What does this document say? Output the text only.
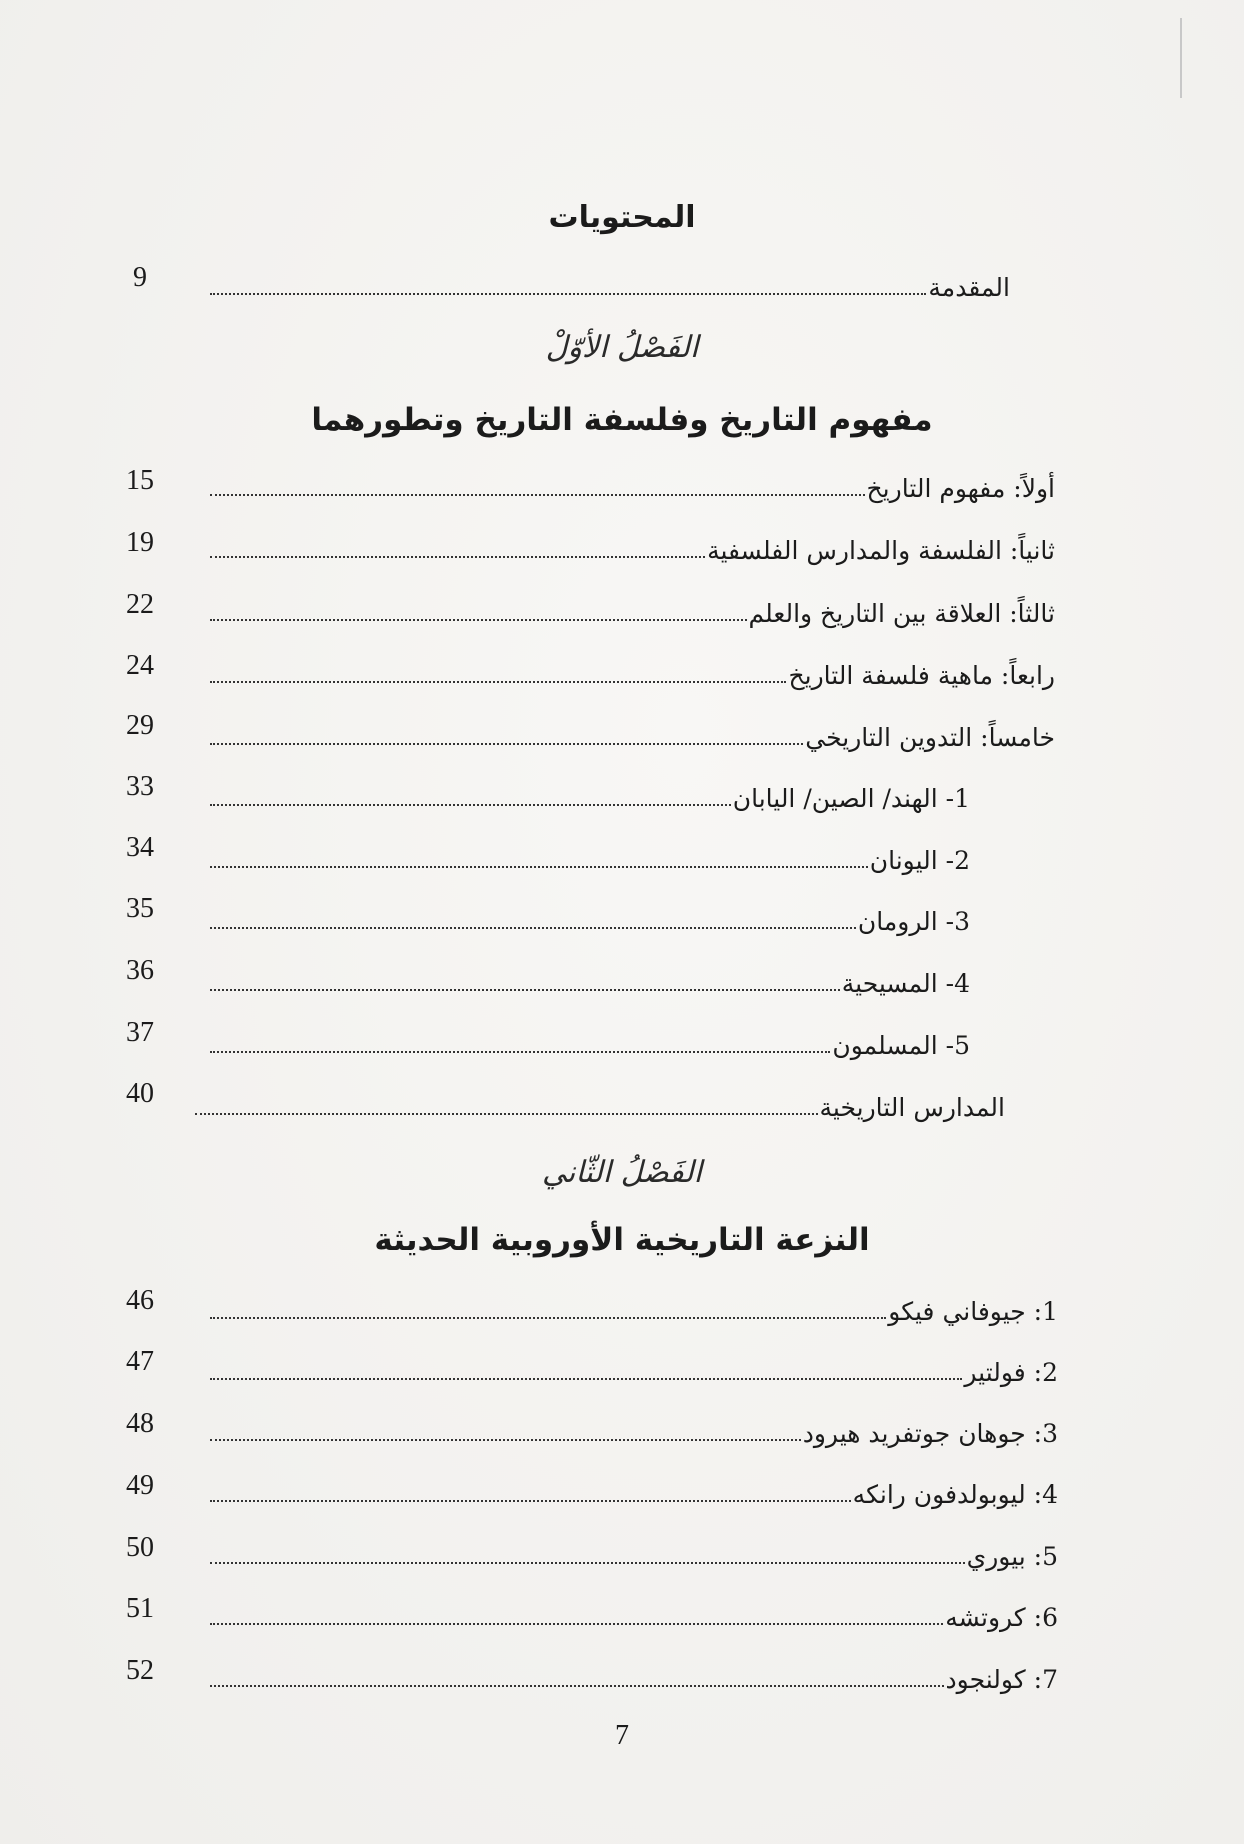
المحتويات
المقدمة
9
الفَصْلُ الأوّلْ
مفهوم التاريخ وفلسفة التاريخ وتطورهما
أولاً: مفهوم التاريخ
15
ثانياً: الفلسفة والمدارس الفلسفية
19
ثالثاً: العلاقة بين التاريخ والعلم
22
رابعاً: ماهية فلسفة التاريخ
24
خامساً: التدوين التاريخي
29
1- الهند/ الصين/ اليابان
33
2- اليونان
34
3- الرومان
35
4- المسيحية
36
5- المسلمون
37
المدارس التاريخية
40
الفَصْلُ الثّاني
النزعة التاريخية الأوروبية الحديثة
1: جيوفاني فيكو
46
2: فولتير
47
3: جوهان جوتفريد هيرود
48
4: ليوبولدفون رانكه
49
5: بيوري
50
6: كروتشه
51
7: كولنجود
52
7
